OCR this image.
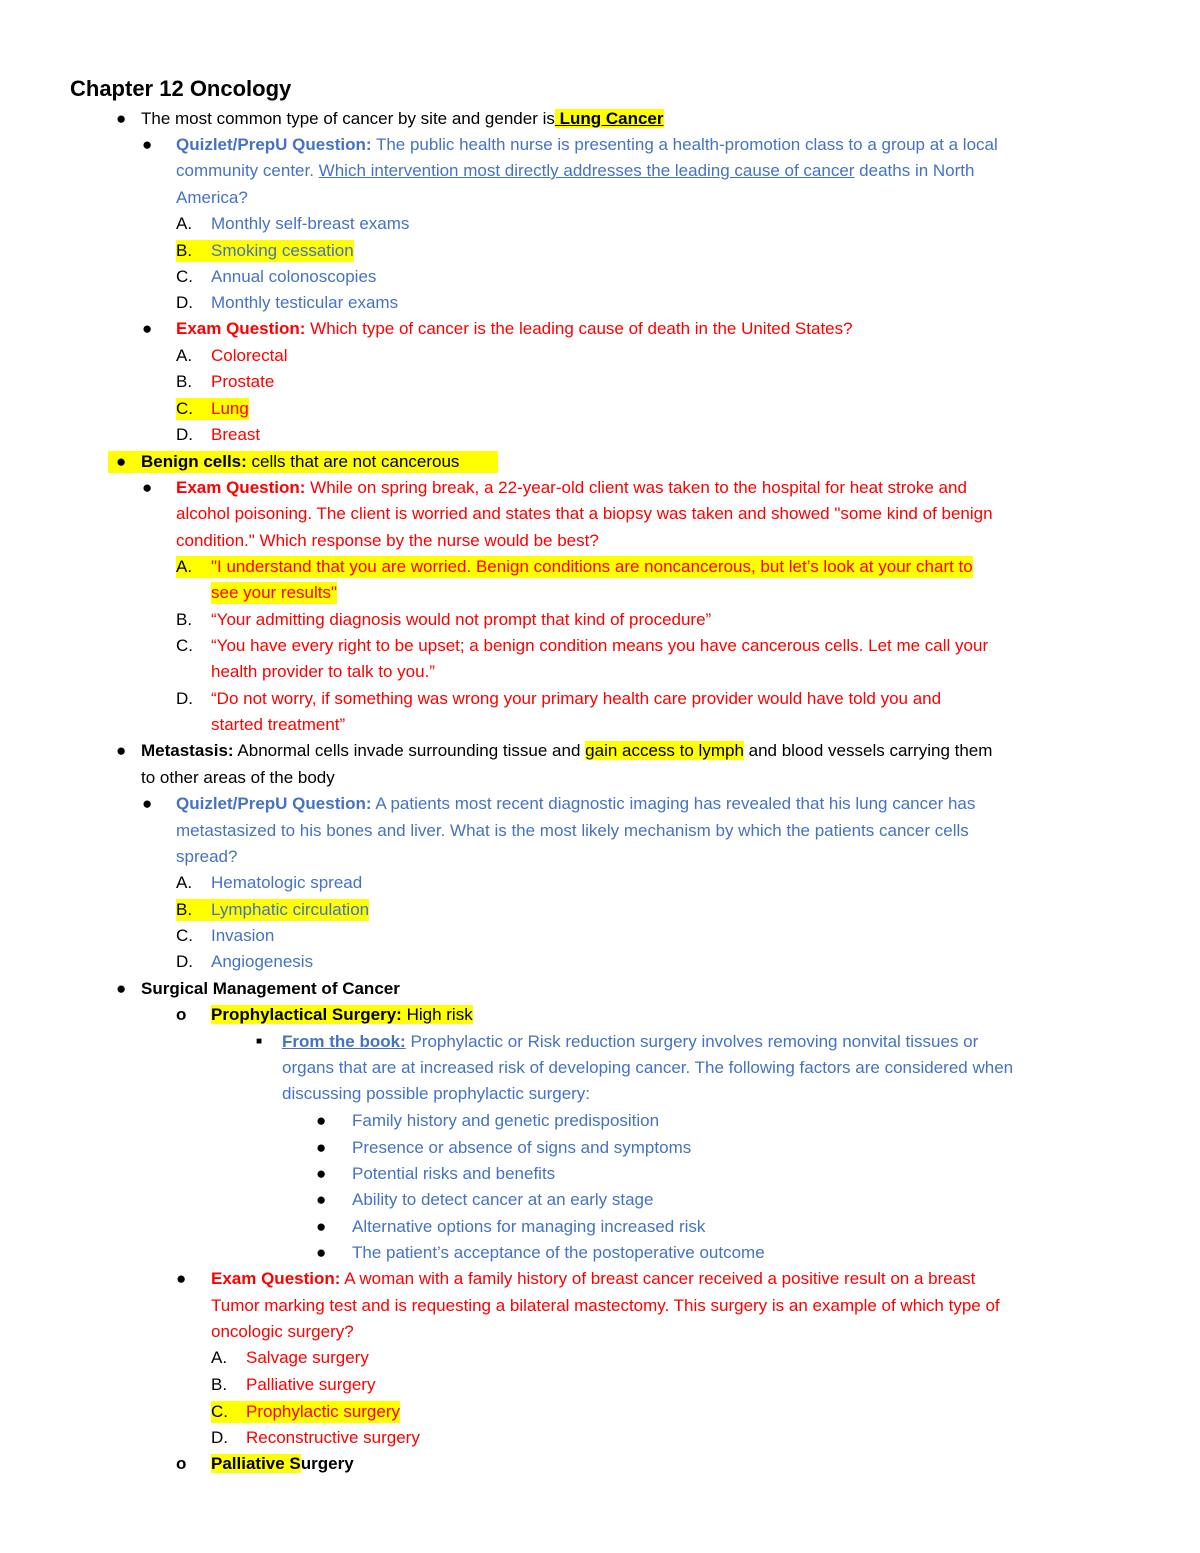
Chapter 12 Oncology
● The most common type of cancer by site and gender is Lung Cancer
● Quizlet/PrepU Question: The public health nurse is presenting a health-promotion class to a group at a local
community center. Which intervention most directly addresses the leading cause of cancer deaths in North
America?
A. Monthly self-breast exams
B.	Smoking cessation
C. Annual colonoscopies
D. Monthly testicular exams
● Exam Question: Which type of cancer is the leading cause of death in the United States?
A. Colorectal
B. Prostate
C.	Lung
D. Breast
● Benign cells: cells that are not cancerous
● Exam Question: While on spring break, a 22-year-old client was taken to the hospital for heat stroke and
alcohol poisoning. The client is worried and states that a biopsy was taken and showed "some kind of benign
condition." Which response by the nurse would be best?
A.	"I understand that you are worried. Benign conditions are noncancerous, but let’s look at your chart to
see your results"
B. “Your admitting diagnosis would not prompt that kind of procedure”
C. “You have every right to be upset; a benign condition means you have cancerous cells. Let me call your
health provider to talk to you.”
D. “Do not worry, if something was wrong your primary health care provider would have told you and
started treatment”
● Metastasis: Abnormal cells invade surrounding tissue and gain access to lymph and blood vessels carrying them
to other areas of the body
● Quizlet/PrepU Question: A patients most recent diagnostic imaging has revealed that his lung cancer has
metastasized to his bones and liver. What is the most likely mechanism by which the patients cancer cells
spread?
A. Hematologic spread
B.	Lymphatic circulation
C. Invasion
D. Angiogenesis
● Surgical Management of Cancer
o Prophylactical Surgery: High risk
■ From the book: Prophylactic or Risk reduction surgery involves removing nonvital tissues or
organs that are at increased risk of developing cancer. The following factors are considered when
discussing possible prophylactic surgery:
● Family history and genetic predisposition
● Presence or absence of signs and symptoms
● Potential risks and benefits
● Ability to detect cancer at an early stage
● Alternative options for managing increased risk
● The patient’s acceptance of the postoperative outcome
● Exam Question: A woman with a family history of breast cancer received a positive result on a breast
Tumor marking test and is requesting a bilateral mastectomy. This surgery is an example of which type of
oncologic surgery?
A. Salvage surgery
B. Palliative surgery
C.	Prophylactic surgery
D. Reconstructive surgery
o Palliative Surgery
